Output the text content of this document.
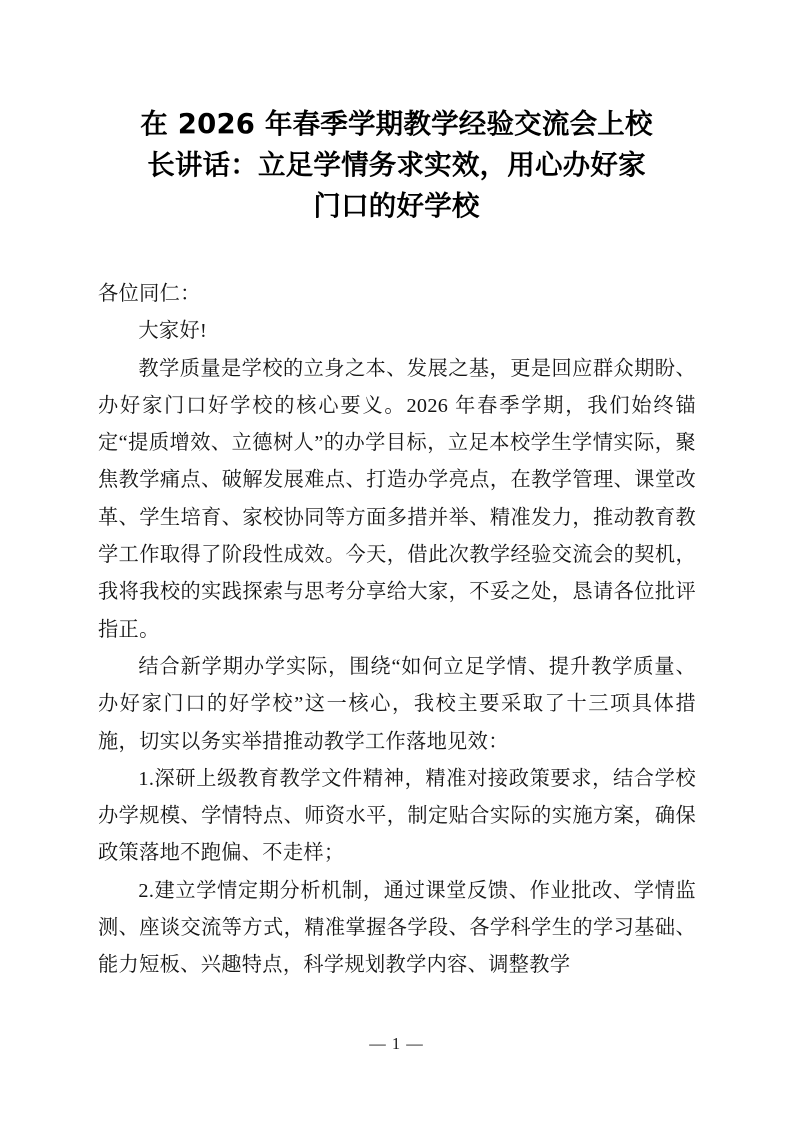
在 2026 年春季学期教学经验交流会上校
长讲话：立足学情务求实效，用心办好家
门口的好学校

各位同仁：

大家好!

教学质量是学校的立身之本、发展之基，更是回应群众期盼、办好家门口好学校的核心要义。2026 年春季学期，我们始终锚定“提质增效、立德树人”的办学目标，立足本校学生学情实际，聚焦教学痛点、破解发展难点、打造办学亮点，在教学管理、课堂改革、学生培育、家校协同等方面多措并举、精准发力，推动教育教学工作取得了阶段性成效。今天，借此次教学经验交流会的契机，我将我校的实践探索与思考分享给大家，不妥之处，恳请各位批评指正。

结合新学期办学实际，围绕“如何立足学情、提升教学质量、办好家门口的好学校”这一核心，我校主要采取了十三项具体措施，切实以务实举措推动教学工作落地见效：

1.深研上级教育教学文件精神，精准对接政策要求，结合学校办学规模、学情特点、师资水平，制定贴合实际的实施方案，确保政策落地不跑偏、不走样；

2.建立学情定期分析机制，通过课堂反馈、作业批改、学情监测、座谈交流等方式，精准掌握各学段、各学科学生的学习基础、能力短板、兴趣特点，科学规划教学内容、调整教学

— 1 —
